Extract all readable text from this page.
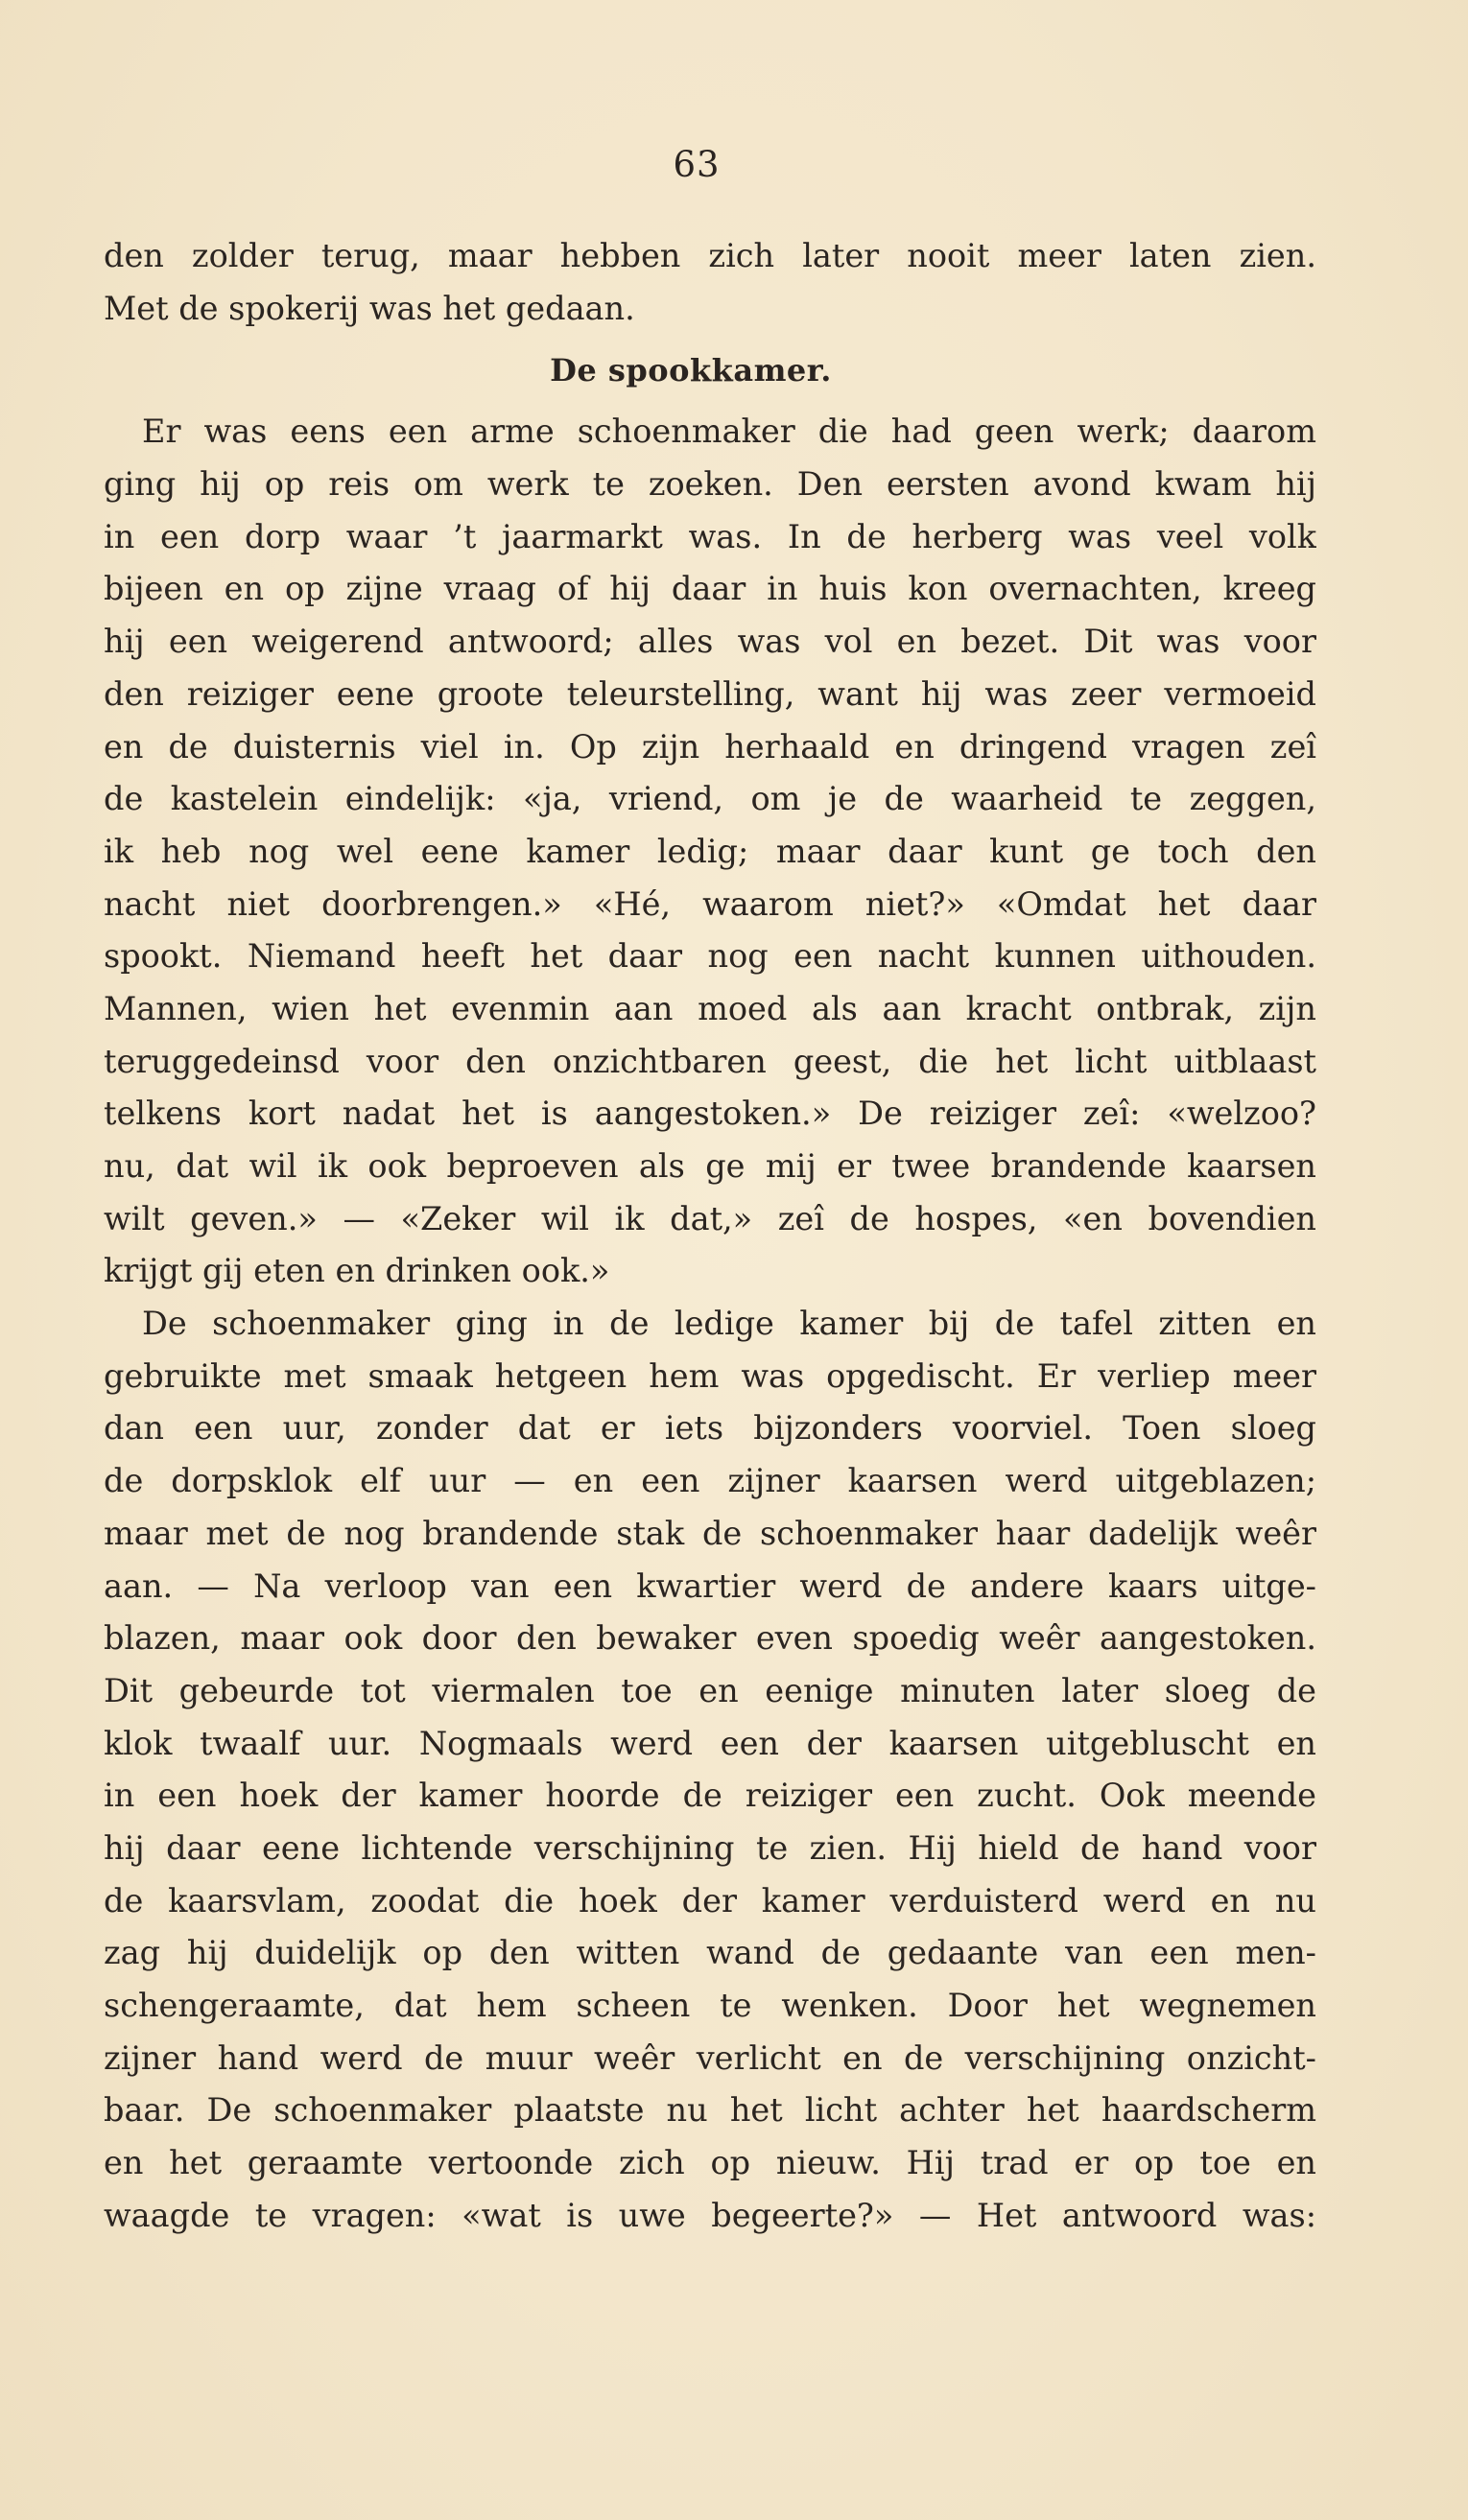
63
den zolder terug, maar hebben zich later nooit meer laten zien.
Met de spokerij was het gedaan.
De spookkamer.
Er was eens een arme schoenmaker die had geen werk; daarom
ging hij op reis om werk te zoeken. Den eersten avond kwam hij
in een dorp waar ’t jaarmarkt was. In de herberg was veel volk
bijeen en op zijne vraag of hij daar in huis kon overnachten, kreeg
hij een weigerend antwoord; alles was vol en bezet. Dit was voor
den reiziger eene groote teleurstelling, want hij was zeer vermoeid
en de duisternis viel in. Op zijn herhaald en dringend vragen zeî
de kastelein eindelijk: «ja, vriend, om je de waarheid te zeggen,
ik heb nog wel eene kamer ledig; maar daar kunt ge toch den
nacht niet doorbrengen.» «Hé, waarom niet?» «Omdat het daar
spookt. Niemand heeft het daar nog een nacht kunnen uithouden.
Mannen, wien het evenmin aan moed als aan kracht ontbrak, zijn
teruggedeinsd voor den onzichtbaren geest, die het licht uitblaast
telkens kort nadat het is aangestoken.» De reiziger zeî: «welzoo?
nu, dat wil ik ook beproeven als ge mij er twee brandende kaarsen
wilt geven.» — «Zeker wil ik dat,» zeî de hospes, «en bovendien
krijgt gij eten en drinken ook.»
De schoenmaker ging in de ledige kamer bij de tafel zitten en
gebruikte met smaak hetgeen hem was opgedischt. Er verliep meer
dan een uur, zonder dat er iets bijzonders voorviel. Toen sloeg
de dorpsklok elf uur — en een zijner kaarsen werd uitgeblazen;
maar met de nog brandende stak de schoenmaker haar dadelijk weêr
aan. — Na verloop van een kwartier werd de andere kaars uitge-
blazen, maar ook door den bewaker even spoedig weêr aangestoken.
Dit gebeurde tot viermalen toe en eenige minuten later sloeg de
klok twaalf uur. Nogmaals werd een der kaarsen uitgebluscht en
in een hoek der kamer hoorde de reiziger een zucht. Ook meende
hij daar eene lichtende verschijning te zien. Hij hield de hand voor
de kaarsvlam, zoodat die hoek der kamer verduisterd werd en nu
zag hij duidelijk op den witten wand de gedaante van een men-
schengeraamte, dat hem scheen te wenken. Door het wegnemen
zijner hand werd de muur weêr verlicht en de verschijning onzicht-
baar. De schoenmaker plaatste nu het licht achter het haardscherm
en het geraamte vertoonde zich op nieuw. Hij trad er op toe en
waagde te vragen: «wat is uwe begeerte?» — Het antwoord was:
